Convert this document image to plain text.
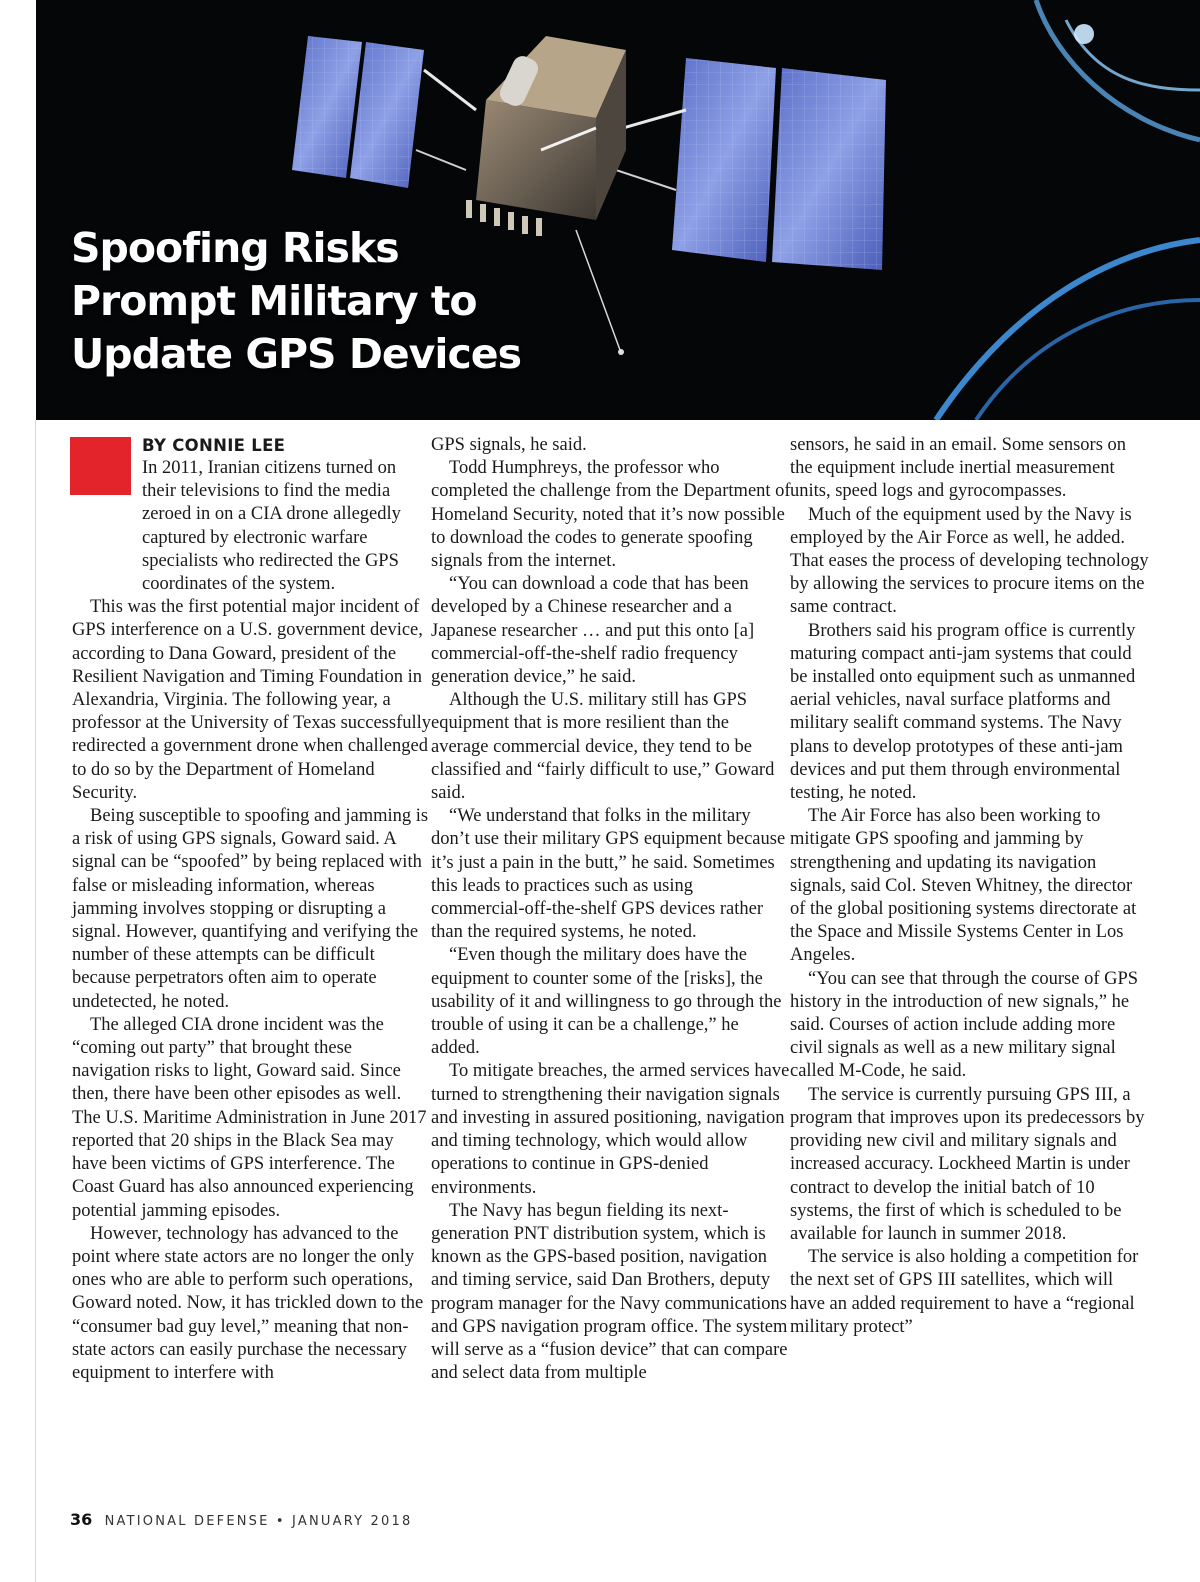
Spoofing Risks
Prompt Military to
Update GPS Devices
BY CONNIE LEE

In 2011, Iranian citizens turned on their televisions to find the media zeroed in on a CIA drone allegedly captured by electronic warfare specialists who redirected the GPS coordinates of the system.

This was the first potential major incident of GPS interference on a U.S. government device, according to Dana Goward, president of the Resilient Navigation and Timing Foundation in Alexandria, Virginia. The following year, a professor at the University of Texas successfully redirected a government drone when challenged to do so by the Department of Homeland Security.

Being susceptible to spoofing and jamming is a risk of using GPS signals, Goward said. A signal can be “spoofed” by being replaced with false or misleading information, whereas jamming involves stopping or disrupting a signal. However, quantifying and verifying the number of these attempts can be difficult because perpetrators often aim to operate undetected, he noted.

The alleged CIA drone incident was the “coming out party” that brought these navigation risks to light, Goward said. Since then, there have been other episodes as well. The U.S. Maritime Administration in June 2017 reported that 20 ships in the Black Sea may have been victims of GPS interference. The Coast Guard has also announced experiencing potential jamming episodes.

However, technology has advanced to the point where state actors are no longer the only ones who are able to perform such operations, Goward noted. Now, it has trickled down to the “consumer bad guy level,” meaning that non-state actors can easily purchase the necessary equipment to interfere with

GPS signals, he said.

Todd Humphreys, the professor who completed the challenge from the Department of Homeland Security, noted that it’s now possible to download the codes to generate spoofing signals from the internet.

“You can download a code that has been developed by a Chinese researcher and a Japanese researcher … and put this onto [a] commercial-off-the-shelf radio frequency generation device,” he said.

Although the U.S. military still has GPS equipment that is more resilient than the average commercial device, they tend to be classified and “fairly difficult to use,” Goward said.

“We understand that folks in the military don’t use their military GPS equipment because it’s just a pain in the butt,” he said. Sometimes this leads to practices such as using commercial-off-the-shelf GPS devices rather than the required systems, he noted.

“Even though the military does have the equipment to counter some of the [risks], the usability of it and willingness to go through the trouble of using it can be a challenge,” he added.

To mitigate breaches, the armed services have turned to strengthening their navigation signals and investing in assured positioning, navigation and timing technology, which would allow operations to continue in GPS-denied environments.

The Navy has begun fielding its next-generation PNT distribution system, which is known as the GPS-based position, navigation and timing service, said Dan Brothers, deputy program manager for the Navy communications and GPS navigation program office. The system will serve as a “fusion device” that can compare and select data from multiple

sensors, he said in an email. Some sensors on the equipment include inertial measurement units, speed logs and gyrocompasses.

Much of the equipment used by the Navy is employed by the Air Force as well, he added. That eases the process of developing technology by allowing the services to procure items on the same contract.

Brothers said his program office is currently maturing compact anti-jam systems that could be installed onto equipment such as unmanned aerial vehicles, naval surface platforms and military sealift command systems. The Navy plans to develop prototypes of these anti-jam devices and put them through environmental testing, he noted.

The Air Force has also been working to mitigate GPS spoofing and jamming by strengthening and updating its navigation signals, said Col. Steven Whitney, the director of the global positioning systems directorate at the Space and Missile Systems Center in Los Angeles.

“You can see that through the course of GPS history in the introduction of new signals,” he said. Courses of action include adding more civil signals as well as a new military signal called M-Code, he said.

The service is currently pursuing GPS III, a program that improves upon its predecessors by providing new civil and military signals and increased accuracy. Lockheed Martin is under contract to develop the initial batch of 10 systems, the first of which is scheduled to be available for launch in summer 2018.

The service is also holding a competition for the next set of GPS III satellites, which will have an added requirement to have a “regional military protect”

36 NATIONAL DEFENSE • JANUARY 2018
